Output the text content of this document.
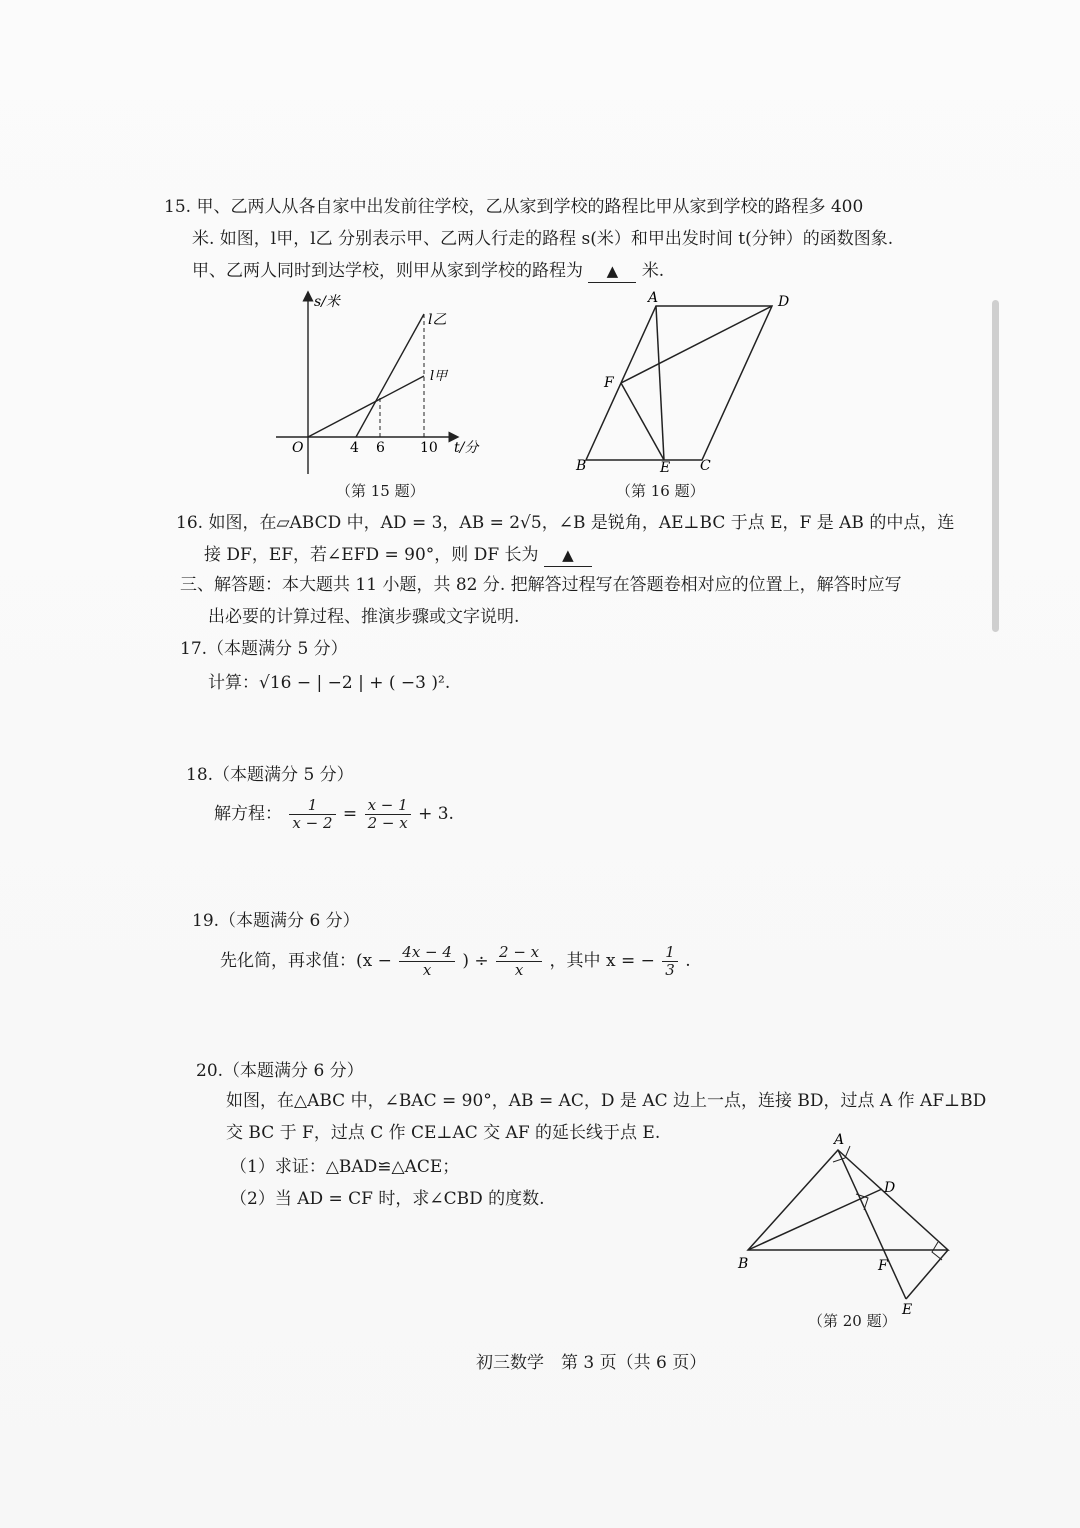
15. 甲、乙两人从各自家中出发前往学校，乙从家到学校的路程比甲从家到学校的路程多 400
米. 如图，l甲，l乙 分别表示甲、乙两人行走的路程 s(米）和甲出发时间 t(分钟）的函数图象.
甲、乙两人同时到达学校，则甲从家到学校的路程为 ▲ 米.
s/米
t/分
O	4 6	10
l乙
l甲
（第 15 题）
A	D
F
B	E C
（第 16 题）
16. 如图，在▱ABCD 中，AD = 3，AB = 2√5，∠B 是锐角，AE⊥BC 于点 E，F 是 AB 的中点，连
接 DF，EF，若∠EFD = 90°，则 DF 长为 ▲
三、解答题：本大题共 11 小题，共 82 分. 把解答过程写在答题卷相对应的位置上，解答时应写
出必要的计算过程、推演步骤或文字说明.
17.（本题满分 5 分）
计算：√16 − | −2 | + ( −3 )².
18.（本题满分 5 分）
解方程： $\frac{1}{x - 2} = \frac{x - 1}{2 - x} + 3$.
19.（本题满分 6 分）
先化简，再求值：($x - \frac{4x - 4}{x}$ ) ÷ $\frac{2 - x}{x}$ ，其中 x = − $\frac{1}{3}$ .
20.（本题满分 6 分）
如图，在△ABC 中，∠BAC = 90°，AB = AC，D 是 AC 边上一点，连接 BD，过点 A 作 AF⊥BD
交 BC 于 F，过点 C 作 CE⊥AC 交 AF 的延长线于点 E.
（1）求证：△BAD≌△ACE；
（2）当 AD = CF 时，求∠CBD 的度数.
A
D
B	F
E
（第 20 题）
初三数学　第 3 页（共 6 页）
